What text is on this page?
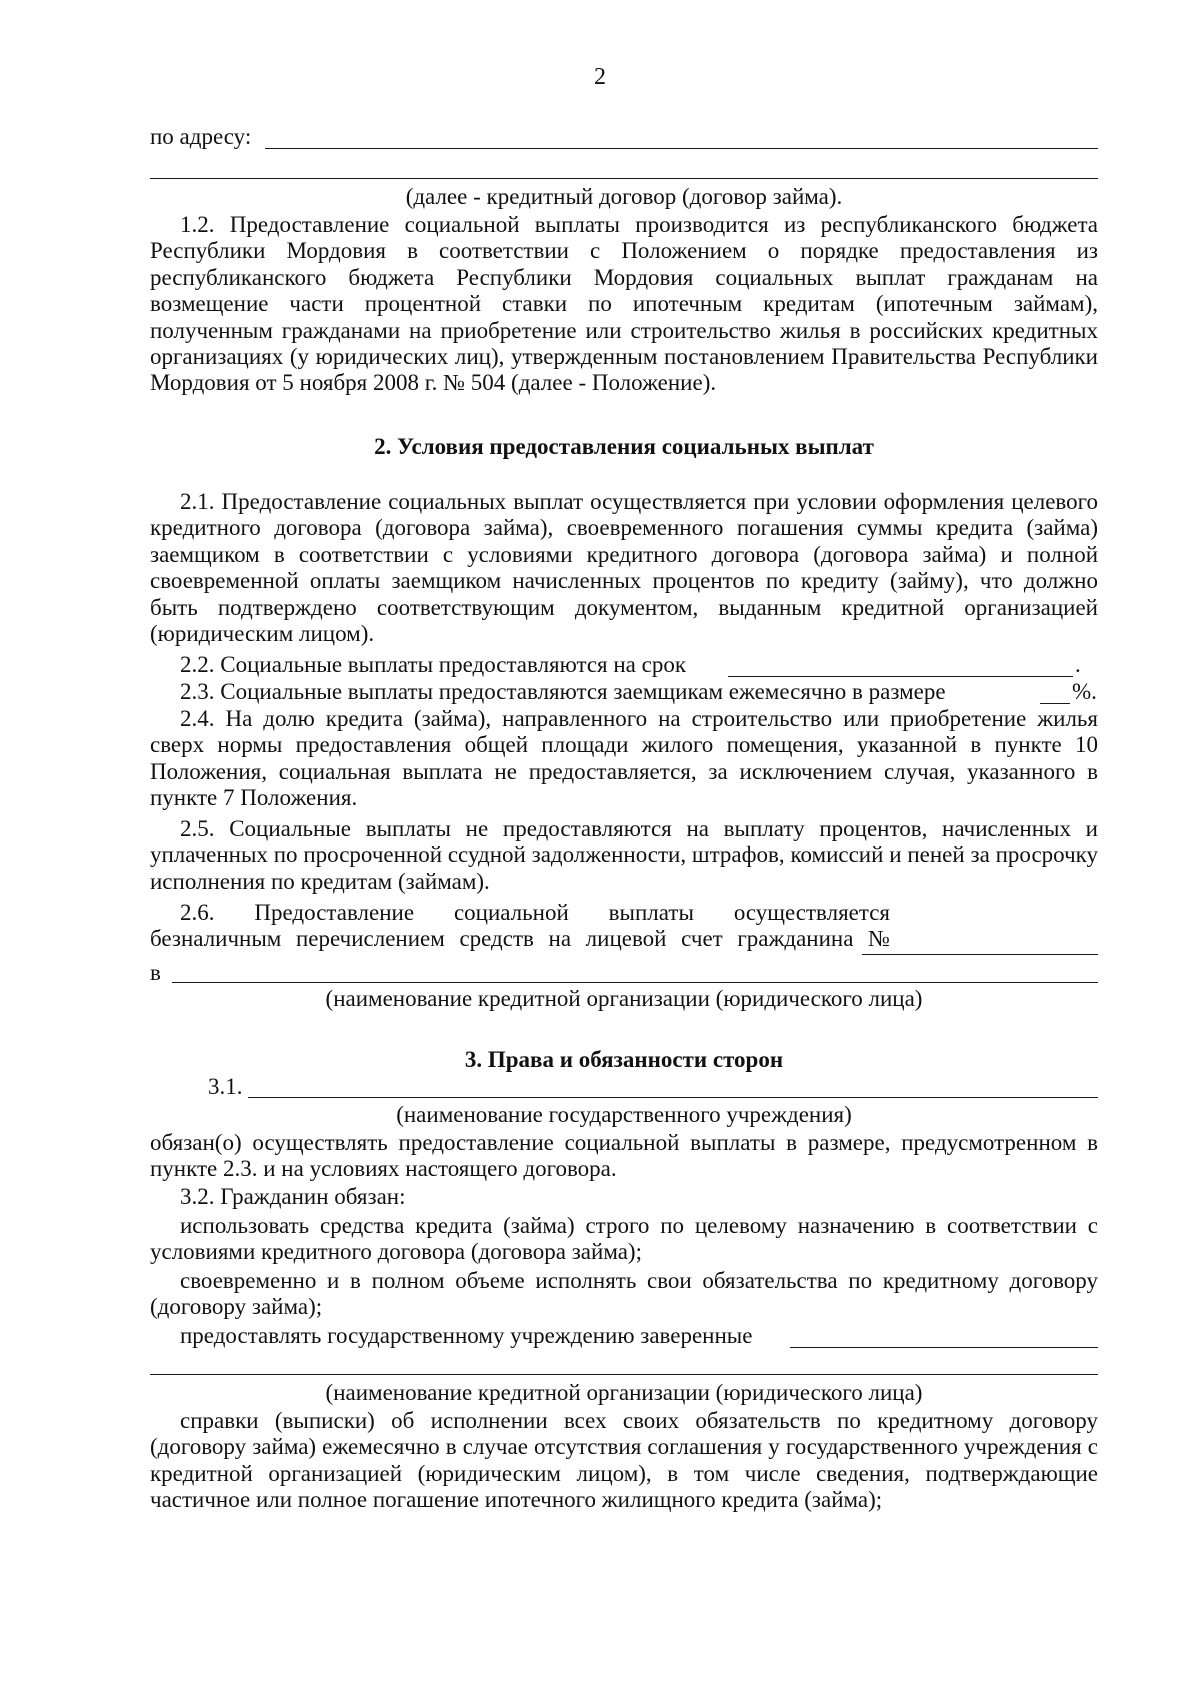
2
по адресу:
(далее - кредитный договор (договор займа).

1.2. Предоставление социальной выплаты производится из республиканского бюджета Республики Мордовия в соответствии с Положением о порядке предоставления из республиканского бюджета Республики Мордовия социальных выплат гражданам на возмещение части процентной ставки по ипотечным кредитам (ипотечным займам), полученным гражданами на приобретение или строительство жилья в российских кредитных организациях (у юридических лиц), утвержденным постановлением Правительства Республики Мордовия от 5 ноября 2008 г. № 504 (далее - Положение).

2. Условия предоставления социальных выплат

2.1. Предоставление социальных выплат осуществляется при условии оформления целевого кредитного договора (договора займа), своевременного погашения суммы кредита (займа) заемщиком в соответствии с условиями кредитного договора (договора займа) и полной своевременной оплаты заемщиком начисленных процентов по кредиту (займу), что должно быть подтверждено соответствующим документом, выданным кредитной организацией (юридическим лицом).

2.2. Социальные выплаты предоставляются на срок	.
2.3. Социальные выплаты предоставляются заемщикам ежемесячно в размере	%.

2.4. На долю кредита (займа), направленного на строительство или приобретение жилья сверх нормы предоставления общей площади жилого помещения, указанной в пункте 10 Положения, социальная выплата не предоставляется, за исключением случая, указанного в пункте 7 Положения.

2.5. Социальные выплаты не предоставляются на выплату процентов, начисленных и уплаченных по просроченной ссудной задолженности, штрафов, комиссий и пеней за просрочку исполнения по кредитам (займам).

2.6. Предоставление социальной выплаты осуществляется безналичным перечислением средств на лицевой счет гражданина №

в
(наименование кредитной организации (юридического лица)
3. Права и обязанности сторон
3.1.
(наименование государственного учреждения)

обязан(о) осуществлять предоставление социальной выплаты в размере, предусмотренном в пункте 2.3. и на условиях настоящего договора.

3.2. Гражданин обязан:

использовать средства кредита (займа) строго по целевому назначению в соответствии с условиями кредитного договора (договора займа);

своевременно и в полном объеме исполнять свои обязательства по кредитному договору (договору займа);

предоставлять государственному учреждению заверенные
(наименование кредитной организации (юридического лица)

справки (выписки) об исполнении всех своих обязательств по кредитному договору (договору займа) ежемесячно в случае отсутствия соглашения у государственного учреждения с кредитной организацией (юридическим лицом), в том числе сведения, подтверждающие частичное или полное погашение ипотечного жилищного кредита (займа);
